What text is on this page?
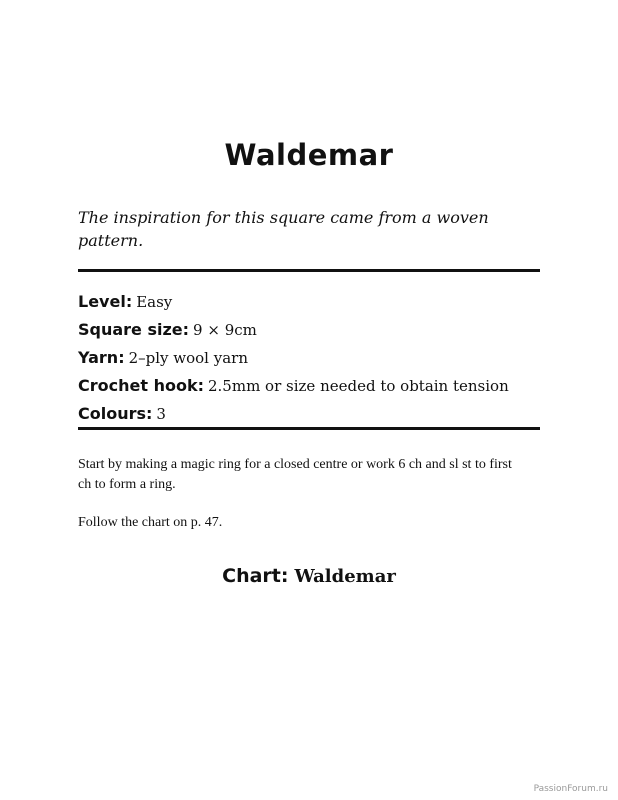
Waldemar

The inspiration for this square came from a woven pattern.

Level: Easy
Square size: 9 × 9cm
Yarn: 2–ply wool yarn
Crochet hook: 2.5mm or size needed to obtain tension
Colours: 3

Start by making a magic ring for a closed centre or work 6 ch and sl st to first ch to form a ring.

Follow the chart on p. 47.

Chart: Waldemar
PassionForum.ru
